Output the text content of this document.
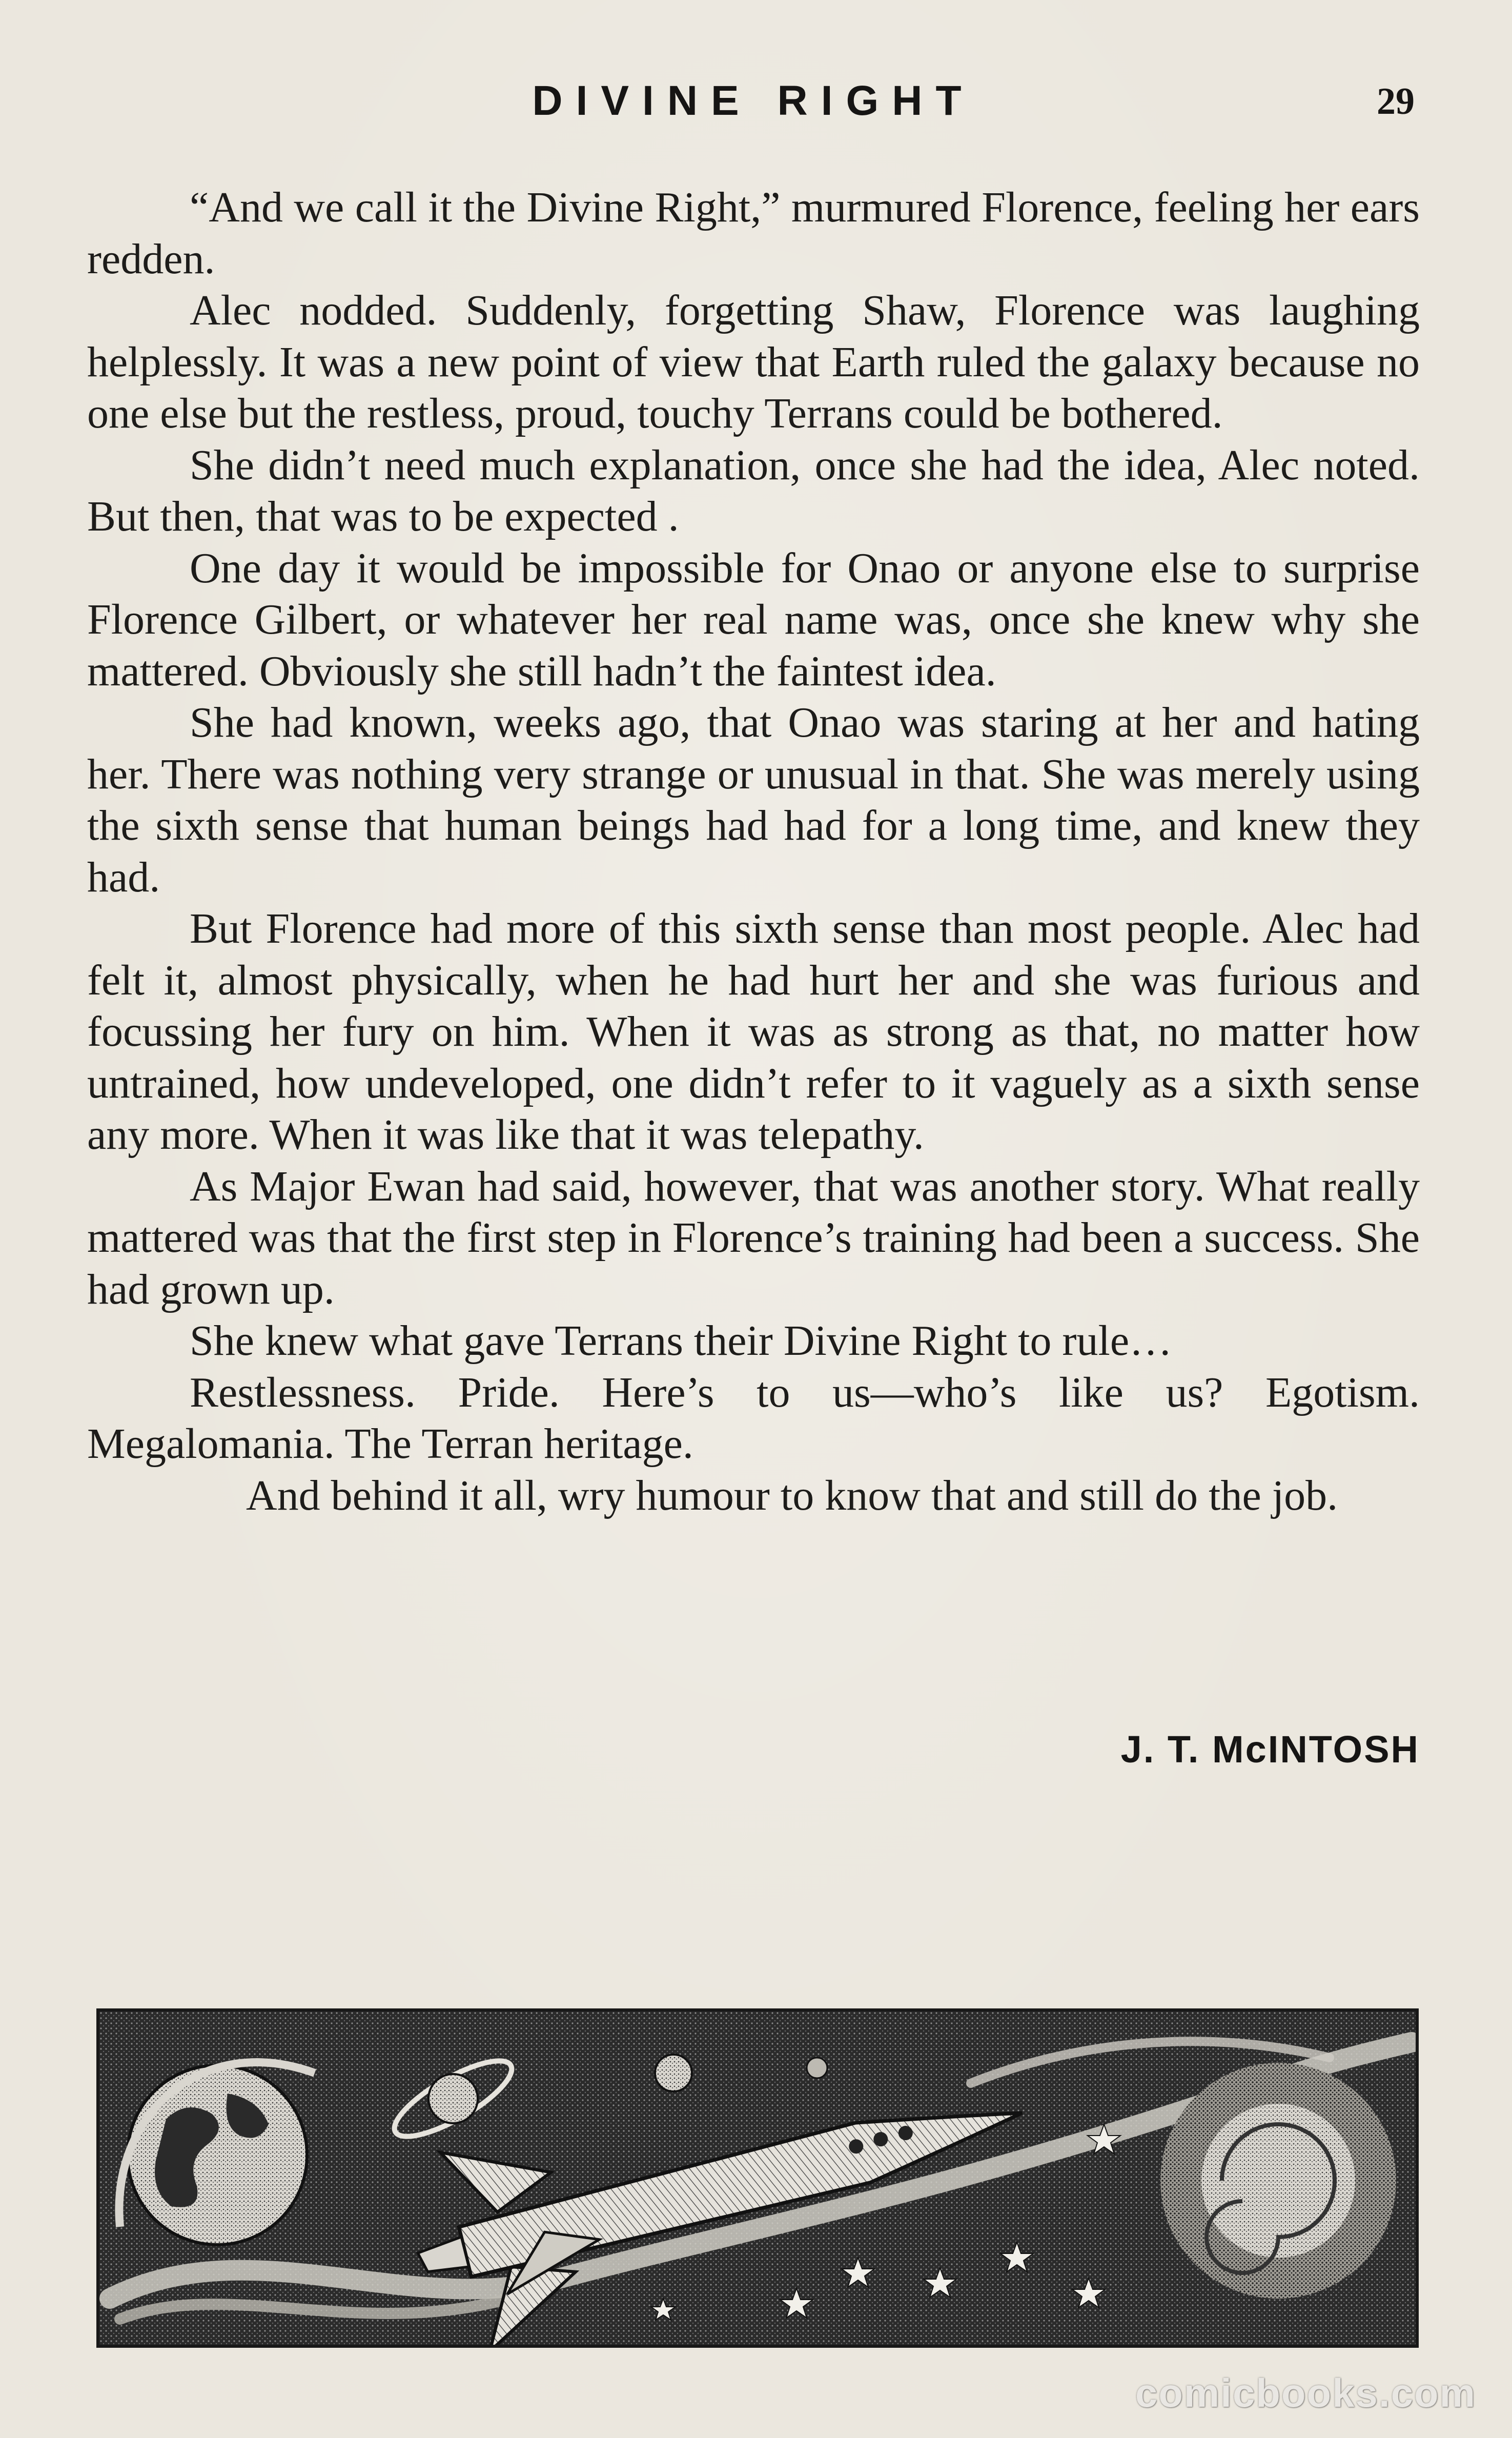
DIVINE RIGHT	29

“And we call it the Divine Right,” murmured Florence, feeling her ears redden.

Alec nodded. Suddenly, forgetting Shaw, Florence was laughing helplessly. It was a new point of view that Earth ruled the galaxy because no one else but the restless, proud, touchy Terrans could be bothered.

She didn’t need much explanation, once she had the idea, Alec noted. But then, that was to be expected .

One day it would be impossible for Onao or anyone else to surprise Florence Gilbert, or whatever her real name was, once she knew why she mattered. Obviously she still hadn’t the faintest idea.

She had known, weeks ago, that Onao was staring at her and hating her. There was nothing very strange or unusual in that. She was merely using the sixth sense that human beings had had for a long time, and knew they had.

But Florence had more of this sixth sense than most people. Alec had felt it, almost physically, when he had hurt her and she was furious and focussing her fury on him. When it was as strong as that, no matter how untrained, how undeveloped, one didn’t refer to it vaguely as a sixth sense any more. When it was like that it was telepathy.

As Major Ewan had said, however, that was another story. What really mattered was that the first step in Florence’s training had been a success. She had grown up.

She knew what gave Terrans their Divine Right to rule…

Restlessness. Pride. Here’s to us—who’s like us? Egotism. Megalomania. The Terran heritage.

And behind it all, wry humour to know that and still do the job.

J. T. McINTOSH
comicbooks.com
